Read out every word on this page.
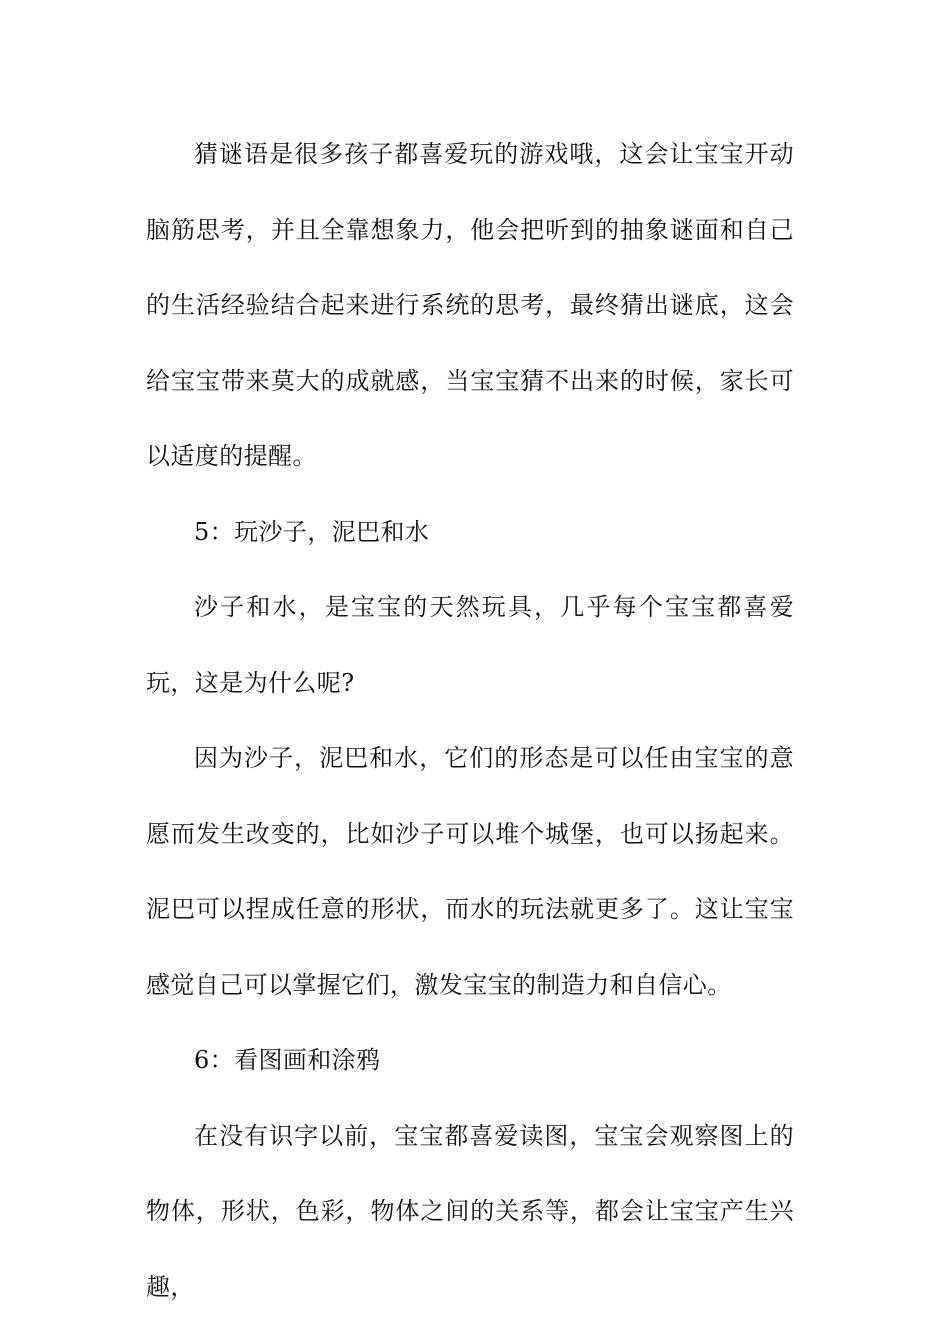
猜谜语是很多孩子都喜爱玩的游戏哦，这会让宝宝开动脑筋思考，并且全靠想象力，他会把听到的抽象谜面和自己的生活经验结合起来进行系统的思考，最终猜出谜底，这会给宝宝带来莫大的成就感，当宝宝猜不出来的时候，家长可以适度的提醒。

5：玩沙子，泥巴和水

沙子和水，是宝宝的天然玩具，几乎每个宝宝都喜爱玩，这是为什么呢?

因为沙子，泥巴和水，它们的形态是可以任由宝宝的意愿而发生改变的，比如沙子可以堆个城堡，也可以扬起来。泥巴可以捏成任意的形状，而水的玩法就更多了。这让宝宝感觉自己可以掌握它们，激发宝宝的制造力和自信心。

6：看图画和涂鸦

在没有识字以前，宝宝都喜爱读图，宝宝会观察图上的物体，形状，色彩，物体之间的关系等，都会让宝宝产生兴趣，
